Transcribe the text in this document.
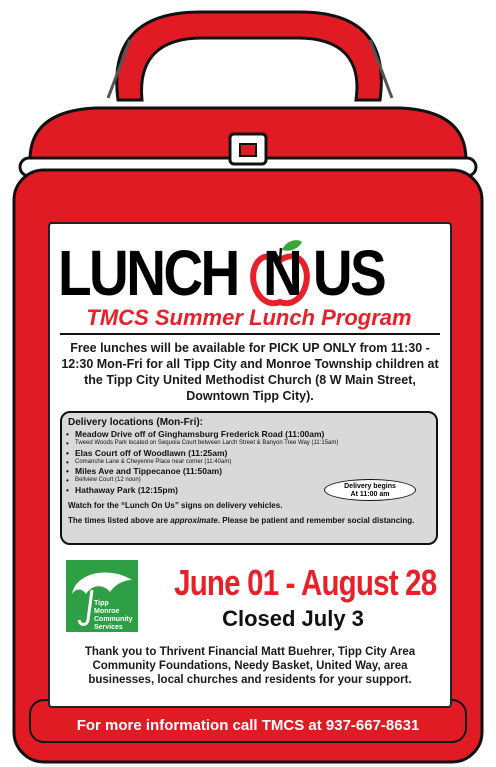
LUNCH N US
TMCS Summer Lunch Program
Free lunches will be available for PICK UP ONLY from 11:30 - 12:30 Mon-Fri for all Tipp City and Monroe Township children at the Tipp City United Methodist Church (8 W Main Street, Downtown Tipp City).
Delivery locations (Mon-Fri):
• Meadow Drive off of Ginghamsburg Frederick Road (11:00am)
• Tweed Woods Park located on Sequoia Court between Larch Street & Banyon Tree Way (11:15am)
• Elas Court off of Woodlawn (11:25am)
• Comanche Lane & Cheyenne Place near corner (11:40am)
• Miles Ave and Tippecanoe (11:50am)
• Bellview Court (12 noon)
• Hathaway Park (12:15pm)	Delivery begins
At 11:00 am
Watch for the “Lunch On Us” signs on delivery vehicles.
The times listed above are approximate. Please be patient and remember social distancing.
Tipp
Monroe
Community
Services
June 01 - August 28
Closed July 3
Thank you to Thrivent Financial Matt Buehrer, Tipp City Area Community Foundations, Needy Basket, United Way, area businesses, local churches and residents for your support.
For more information call TMCS at 937-667-8631
